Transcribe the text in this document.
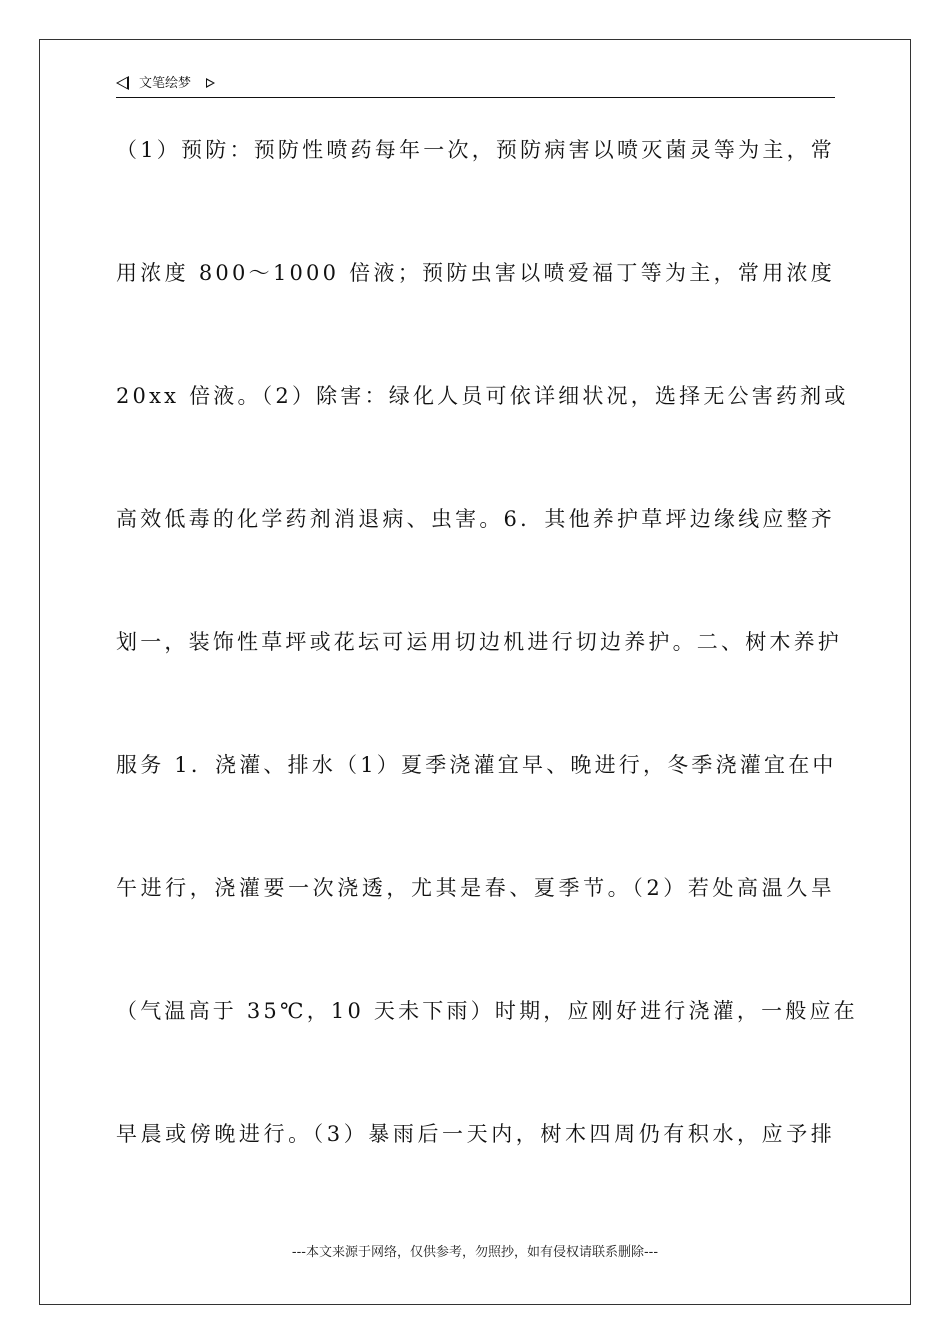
文笔绘梦
（1）预防：预防性喷药每年一次，预防病害以喷灭菌灵等为主，常
用浓度 800～1000 倍液；预防虫害以喷爱福丁等为主，常用浓度
20xx 倍液。（2）除害：绿化人员可依详细状况，选择无公害药剂或
高效低毒的化学药剂消退病、虫害。6．其他养护草坪边缘线应整齐
划一，装饰性草坪或花坛可运用切边机进行切边养护。二、树木养护
服务 1．浇灌、排水（1）夏季浇灌宜早、晚进行，冬季浇灌宜在中
午进行，浇灌要一次浇透，尤其是春、夏季节。（2）若处高温久旱
（气温高于 35℃，10 天未下雨）时期，应刚好进行浇灌，一般应在
早晨或傍晚进行。（3）暴雨后一天内，树木四周仍有积水，应予排
---本文来源于网络，仅供参考，勿照抄，如有侵权请联系删除---
